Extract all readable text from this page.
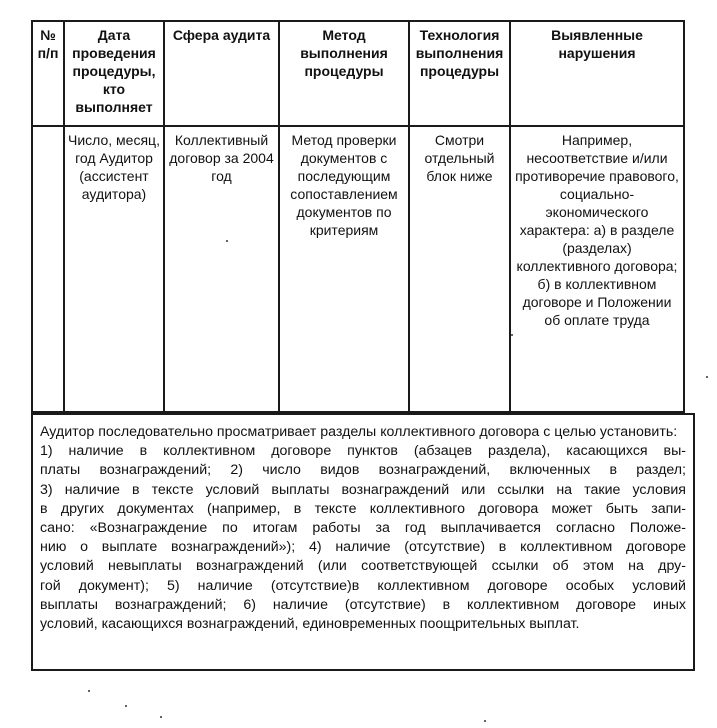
№ п/п	Дата проведения процедуры, кто выполняет	Сфера аудита	Метод выполнения процедуры	Технология выполнения процедуры	Выявленные нарушения
	Число, месяц, год Аудитор (ассистент аудитора)	Коллективный договор за 2004 год	Метод проверки документов с последующим сопоставлением документов по критериям	Смотри отдельный блок ниже	Например, несоответствие и/или противоречие правового, социально-экономического характера: а) в разделе (разделах) коллективного договора; б) в коллективном договоре и Положении об оплате труда

Аудитор последовательно просматривает разделы коллективного договора с целью установить:
1) наличие в коллективном договоре пунктов (абзацев раздела), касающихся вы-
платы вознаграждений; 2) число видов вознаграждений, включенных в раздел;
3) наличие в тексте условий выплаты вознаграждений или ссылки на такие условия
в других документах (например, в тексте коллективного договора может быть запи-
сано: «Вознаграждение по итогам работы за год выплачивается согласно Положе-
нию о выплате вознаграждений»); 4) наличие (отсутствие) в коллективном договоре
условий невыплаты вознаграждений (или соответствующей ссылки об этом на дру-
гой документ); 5) наличие (отсутствие)в коллективном договоре особых условий
выплаты вознаграждений; 6) наличие (отсутствие) в коллективном договоре иных
условий, касающихся вознаграждений, единовременных поощрительных выплат.
